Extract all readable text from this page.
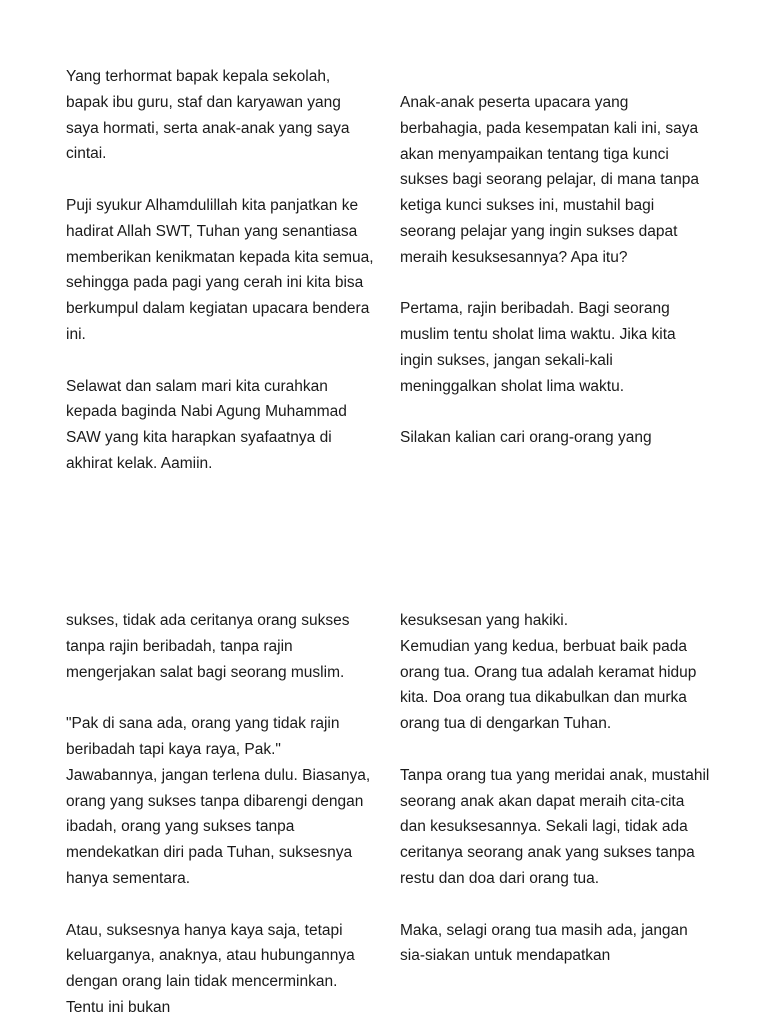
Yang terhormat bapak kepala sekolah, bapak ibu guru, staf dan karyawan yang saya hormati, serta anak-anak yang saya cintai.

Puji syukur Alhamdulillah kita panjatkan ke hadirat Allah SWT, Tuhan yang senantiasa memberikan kenikmatan kepada kita semua, sehingga pada pagi yang cerah ini kita bisa berkumpul dalam kegiatan upacara bendera ini.

Selawat dan salam mari kita curahkan kepada baginda Nabi Agung Muhammad SAW yang kita harapkan syafaatnya di akhirat kelak. Aamiin.

Anak-anak peserta upacara yang berbahagia, pada kesempatan kali ini, saya akan menyampaikan tentang tiga kunci sukses bagi seorang pelajar, di mana tanpa ketiga kunci sukses ini, mustahil bagi seorang pelajar yang ingin sukses dapat meraih kesuksesannya? Apa itu?

Pertama, rajin beribadah. Bagi seorang muslim tentu sholat lima waktu. Jika kita ingin sukses, jangan sekali-kali meninggalkan sholat lima waktu.

Silakan kalian cari orang-orang yang

sukses, tidak ada ceritanya orang sukses tanpa rajin beribadah, tanpa rajin mengerjakan salat bagi seorang muslim.

"Pak di sana ada, orang yang tidak rajin beribadah tapi kaya raya, Pak." Jawabannya, jangan terlena dulu. Biasanya, orang yang sukses tanpa dibarengi dengan ibadah, orang yang sukses tanpa mendekatkan diri pada Tuhan, suksesnya hanya sementara.

Atau, suksesnya hanya kaya saja, tetapi keluarganya, anaknya, atau hubungannya dengan orang lain tidak mencerminkan. Tentu ini bukan

kesuksesan yang hakiki.

Kemudian yang kedua, berbuat baik pada orang tua. Orang tua adalah keramat hidup kita. Doa orang tua dikabulkan dan murka orang tua di dengarkan Tuhan.

Tanpa orang tua yang meridai anak, mustahil seorang anak akan dapat meraih cita-cita dan kesuksesannya. Sekali lagi, tidak ada ceritanya seorang anak yang sukses tanpa restu dan doa dari orang tua.

Maka, selagi orang tua masih ada, jangan sia-siakan untuk mendapatkan
